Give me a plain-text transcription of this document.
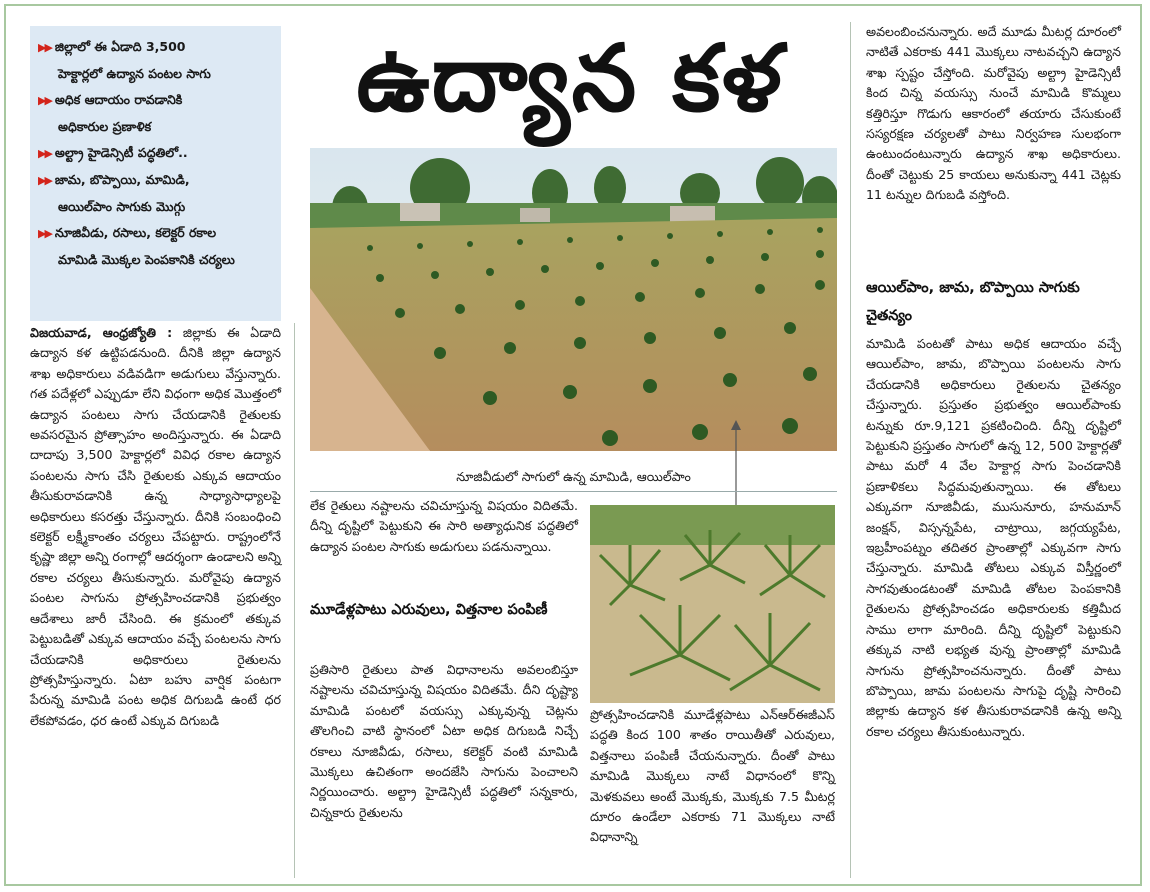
▶▶ జిల్లాలో ఈ ఏడాది 3,500
హెక్టార్లలో ఉద్యాన పంటల సాగు
▶▶ అధిక ఆదాయం రావడానికి
అధికారుల ప్రణాళిక
▶▶ అల్ట్రా హైడెన్సిటీ పద్ధతిలో..
▶▶ జామ, బొప్పాయి, మామిడి,
ఆయిల్‌పాం సాగుకు మొగ్గు
▶▶ నూజివీడు, రసాలు, కలెక్టర్ రకాల
మామిడి మొక్కల పెంపకానికి చర్యలు
ఉద్యాన కళ
నూజివీడులో సాగులో ఉన్న మామిడి, ఆయిల్‌పాం

విజయవాడ, ఆంధ్రజ్యోతి : జిల్లాకు ఈ ఏడాది ఉద్యాన కళ ఉట్టిపడనుంది. దీనికి జిల్లా ఉద్యాన శాఖ అధికారులు వడివడిగా అడుగులు వేస్తున్నారు. గత పదేళ్లలో ఎప్పుడూ లేని విధంగా అధిక మొత్తంలో ఉద్యాన పంటలు సాగు చేయడానికి రైతులకు అవసరమైన ప్రోత్సాహం అందిస్తున్నారు. ఈ ఏడాది దాదాపు 3,500 హెక్టార్లలో వివిధ రకాల ఉద్యాన పంటలను సాగు చేసి రైతులకు ఎక్కువ ఆదాయం తీసుకురావడానికి ఉన్న సాధ్యాసాధ్యాలపై అధికారులు కసరత్తు చేస్తున్నారు. దీనికి సంబంధించి కలెక్టర్ లక్ష్మీకాంతం చర్యలు చేపట్టారు. రాష్ట్రంలోనే కృష్ణా జిల్లా అన్ని రంగాల్లో ఆదర్శంగా ఉండాలని అన్ని రకాల చర్యలు తీసుకున్నారు. మరోవైపు ఉద్యాన పంటల సాగును ప్రోత్సహించడానికి ప్రభుత్వం ఆదేశాలు జారీ చేసింది. ఈ క్రమంలో తక్కువ పెట్టుబడితో ఎక్కువ ఆదాయం వచ్చే పంటలను సాగు చేయడానికి అధికారులు రైతులను ప్రోత్సహిస్తున్నారు. ఏటా బహు వార్షిక పంటగా పేరున్న మామిడి పంట అధిక దిగుబడి ఉంటే ధర లేకపోవడం, ధర ఉంటే ఎక్కువ దిగుబడి

లేక రైతులు నష్టాలను చవిచూస్తున్న విషయం విదితమే. దీన్ని దృష్టిలో పెట్టుకుని ఈ సారి అత్యాధునిక పద్ధతిలో ఉద్యాన పంటల సాగుకు అడుగులు పడనున్నాయి.
మూడేళ్లపాటు ఎరువులు, విత్తనాల పంపిణీ
ప్రతిసారి రైతులు పాత విధానాలను అవలంబిస్తూ నష్టాలను చవిచూస్తున్న విషయం విదితమే. దీని దృష్ట్యా మామిడి పంటలో వయస్సు ఎక్కువున్న చెట్లను తొలగించి వాటి స్థానంలో ఏటా అధిక దిగుబడి నిచ్చే రకాలు నూజివీడు, రసాలు, కలెక్టర్ వంటి మామిడి మొక్కలు ఉచితంగా అందజేసి సాగును పెంచాలని నిర్ణయించారు. అల్ట్రా హైడెన్సిటీ పద్ధతిలో సన్నకారు, చిన్నకారు రైతులను
ప్రోత్సహించడానికి మూడేళ్లపాటు ఎన్‌ఆర్‌ఈజీఎస్ పద్ధతి కింద 100 శాతం రాయితీతో ఎరువులు, విత్తనాలు పంపిణీ చేయనున్నారు. దీంతో పాటు మామిడి మొక్కలు నాటే విధానంలో కొన్ని మెళకువలు అంటే మొక్కకు, మొక్కకు 7.5 మీటర్ల దూరం ఉండేలా ఎకరాకు 71 మొక్కలు నాటే విధానాన్ని
అవలంబించనున్నారు. అదే మూడు మీటర్ల దూరంలో నాటితే ఎకరాకు 441 మొక్కలు నాటవచ్చని ఉద్యాన శాఖ స్పష్టం చేస్తోంది. మరోవైపు అల్ట్రా హైడెన్సిటీ కింద చిన్న వయస్సు నుంచే మామిడి కొమ్మలు కత్తిరిస్తూ గొడుగు ఆకారంలో తయారు చేసుకుంటే సస్యరక్షణ చర్యలతో పాటు నిర్వహణ సులభంగా ఉంటుందంటున్నారు ఉద్యాన శాఖ అధికారులు. దీంతో చెట్టుకు 25 కాయలు అనుకున్నా 441 చెట్లకు 11 టన్నుల దిగుబడి వస్తోంది.
ఆయిల్‌పాం, జామ, బొప్పాయి సాగుకు చైతన్యం
మామిడి పంటతో పాటు అధిక ఆదాయం వచ్చే ఆయిల్‌పాం, జామ, బొప్పాయి పంటలను సాగు చేయడానికి అధికారులు రైతులను చైతన్యం చేస్తున్నారు. ప్రస్తుతం ప్రభుత్వం ఆయిల్‌పాంకు టన్నుకు రూ.9,121 ప్రకటించింది. దీన్ని దృష్టిలో పెట్టుకుని ప్రస్తుతం సాగులో ఉన్న 12, 500 హెక్టార్లతో పాటు మరో 4 వేల హెక్టార్ల సాగు పెంచడానికి ప్రణాళికలు సిద్ధమవుతున్నాయి. ఈ తోటలు ఎక్కువగా నూజివీడు, ముసునూరు, హనుమాన్ జంక్షన్, విస్సన్నపేట, చాట్రాయి, జగ్గయ్యపేట, ఇబ్రహీంపట్నం తదితర ప్రాంతాల్లో ఎక్కువగా సాగు చేస్తున్నారు. మామిడి తోటలు ఎక్కువ విస్తీర్ణంలో సాగవుతుండటంతో మామిడి తోటల పెంపకానికి రైతులను ప్రోత్సహించడం అధికారులకు కత్తిమీద సాము లాగా మారింది. దీన్ని దృష్టిలో పెట్టుకుని తక్కువ నాటి లభ్యత వున్న ప్రాంతాల్లో మామిడి సాగును ప్రోత్సహించనున్నారు. దీంతో పాటు బొప్పాయి, జామ పంటలను సాగుపై దృష్టి సారించి జిల్లాకు ఉద్యాన కళ తీసుకురావడానికి ఉన్న అన్ని రకాల చర్యలు తీసుకుంటున్నారు.
